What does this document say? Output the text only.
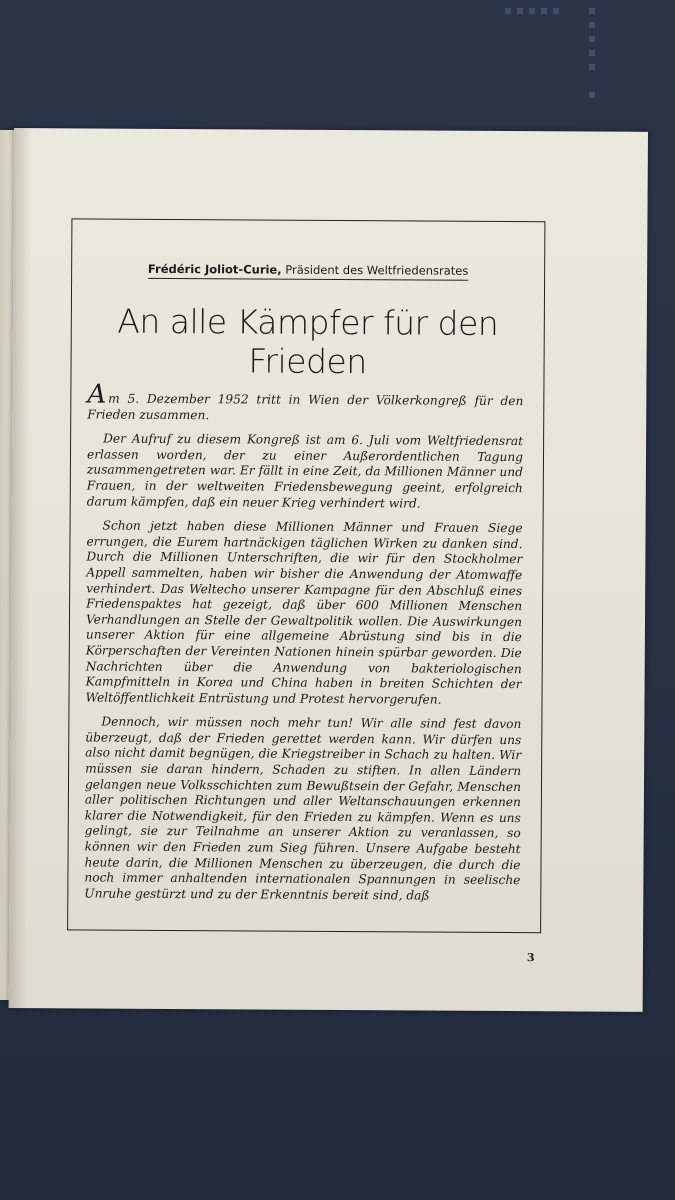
Frédéric Joliot-Curie, Präsident des Weltfriedensrates
An alle Kämpfer für den Frieden

Am 5. Dezember 1952 tritt in Wien der Völkerkongreß für den Frieden zusammen.

Der Aufruf zu diesem Kongreß ist am 6. Juli vom Weltfriedensrat erlassen worden, der zu einer Außerordentlichen Tagung zusammengetreten war. Er fällt in eine Zeit, da Millionen Männer und Frauen, in der weltweiten Friedensbewegung geeint, erfolgreich darum kämpfen, daß ein neuer Krieg verhindert wird.

Schon jetzt haben diese Millionen Männer und Frauen Siege errungen, die Eurem hartnäckigen täglichen Wirken zu danken sind. Durch die Millionen Unterschriften, die wir für den Stockholmer Appell sammelten, haben wir bisher die Anwendung der Atomwaffe verhindert. Das Weltecho unserer Kampagne für den Abschluß eines Friedenspaktes hat gezeigt, daß über 600 Millionen Menschen Verhandlungen an Stelle der Gewaltpolitik wollen. Die Auswirkungen unserer Aktion für eine allgemeine Abrüstung sind bis in die Körperschaften der Vereinten Nationen hinein spürbar geworden. Die Nachrichten über die Anwendung von bakteriologischen Kampfmitteln in Korea und China haben in breiten Schichten der Weltöffentlichkeit Entrüstung und Protest hervorgerufen.

Dennoch, wir müssen noch mehr tun! Wir alle sind fest davon überzeugt, daß der Frieden gerettet werden kann. Wir dürfen uns also nicht damit begnügen, die Kriegstreiber in Schach zu halten. Wir müssen sie daran hindern, Schaden zu stiften. In allen Ländern gelangen neue Volksschichten zum Bewußtsein der Gefahr, Menschen aller politischen Richtungen und aller Weltanschauungen erkennen klarer die Notwendigkeit, für den Frieden zu kämpfen. Wenn es uns gelingt, sie zur Teilnahme an unserer Aktion zu veranlassen, so können wir den Frieden zum Sieg führen. Unsere Aufgabe besteht heute darin, die Millionen Menschen zu überzeugen, die durch die noch immer anhaltenden internationalen Spannungen in seelische Unruhe gestürzt und zu der Erkenntnis bereit sind, daß

3
